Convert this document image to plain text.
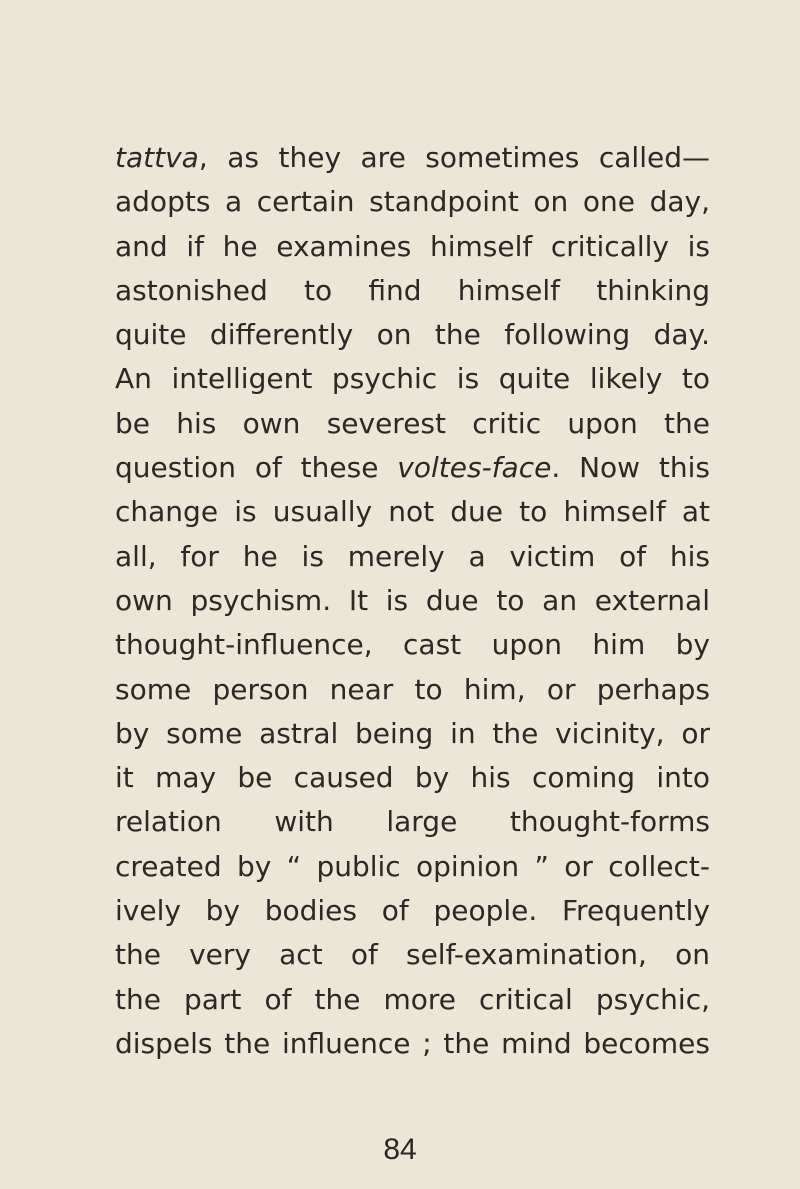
tattva, as they are sometimes called—
adopts a certain standpoint on one day,
and if he examines himself critically is
astonished to find himself thinking
quite differently on the following day.
An intelligent psychic is quite likely to
be his own severest critic upon the
question of these voltes-face. Now this
change is usually not due to himself at
all, for he is merely a victim of his
own psychism. It is due to an external
thought-influence, cast upon him by
some person near to him, or perhaps
by some astral being in the vicinity, or
it may be caused by his coming into
relation with large thought-forms
created by “ public opinion ” or collect-
ively by bodies of people. Frequently
the very act of self-examination, on
the part of the more critical psychic,
dispels the influence ; the mind becomes
84
